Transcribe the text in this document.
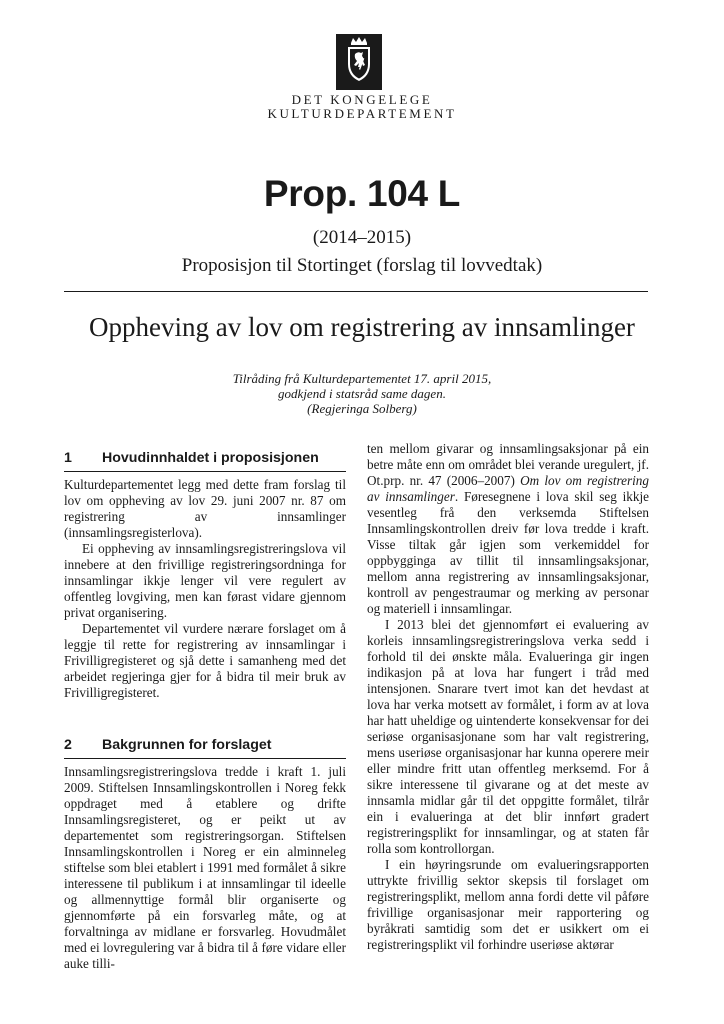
DET KONGELEGE
KULTURDEPARTEMENT
Prop. 104 L
(2014–2015)
Proposisjon til Stortinget (forslag til lovvedtak)
Oppheving av lov om registrering av innsamlinger
Tilråding frå Kulturdepartementet 17. april 2015,
godkjend i statsråd same dagen.
(Regjeringa Solberg)
1 Hovudinnhaldet i proposisjonen

Kulturdepartementet legg med dette fram forslag til lov om oppheving av lov 29. juni 2007 nr. 87 om registrering av innsamlinger (innsamlingsregisterlova).

Ei oppheving av innsamlingsregistreringslova vil innebere at den frivillige registreringsordninga for innsamlingar ikkje lenger vil vere regulert av offentleg lovgiving, men kan førast vidare gjennom privat organisering.

Departementet vil vurdere nærare forslaget om å leggje til rette for registrering av innsamlingar i Frivilligregisteret og sjå dette i samanheng med det arbeidet regjeringa gjer for å bidra til meir bruk av Frivilligregisteret.

2 Bakgrunnen for forslaget

Innsamlingsregistreringslova tredde i kraft 1. juli 2009. Stiftelsen Innsamlingskontrollen i Noreg fekk oppdraget med å etablere og drifte Innsamlingsregisteret, og er peikt ut av departementet som registreringsorgan. Stiftelsen Innsamlingskontrollen i Noreg er ein alminneleg stiftelse som blei etablert i 1991 med formålet å sikre interessene til publikum i at innsamlingar til ideelle og allmennyttige formål blir organiserte og gjennomførte på ein forsvarleg måte, og at forvaltninga av midlane er forsvarleg. Hovudmålet med ei lovregulering var å bidra til å føre vidare eller auke tilli-

ten mellom givarar og innsamlingsaksjonar på ein betre måte enn om området blei verande uregulert, jf. Ot.prp. nr. 47 (2006–2007) Om lov om registrering av innsamlinger. Føresegnene i lova skil seg ikkje vesentleg frå den verksemda Stiftelsen Innsamlingskontrollen dreiv før lova tredde i kraft. Visse tiltak går igjen som verkemiddel for oppbygginga av tillit til innsamlingsaksjonar, mellom anna registrering av innsamlingsaksjonar, kontroll av pengestraumar og merking av personar og materiell i innsamlingar.

I 2013 blei det gjennomført ei evaluering av korleis innsamlingsregistreringslova verka sedd i forhold til dei ønskte måla. Evalueringa gir ingen indikasjon på at lova har fungert i tråd med intensjonen. Snarare tvert imot kan det hevdast at lova har verka motsett av formålet, i form av at lova har hatt uheldige og uintenderte konsekvensar for dei seriøse organisasjonane som har valt registrering, mens useriøse organisasjonar har kunna operere meir eller mindre fritt utan offentleg merksemd. For å sikre interessene til givarane og at det meste av innsamla midlar går til det oppgitte formålet, tilrår ein i evalueringa at det blir innført gradert registreringsplikt for innsamlingar, og at staten får rolla som kontrollorgan.

I ein høyringsrunde om evalueringsrapporten uttrykte frivillig sektor skepsis til forslaget om registreringsplikt, mellom anna fordi dette vil påføre frivillige organisasjonar meir rapportering og byråkrati samtidig som det er usikkert om ei registreringsplikt vil forhindre useriøse aktørar
